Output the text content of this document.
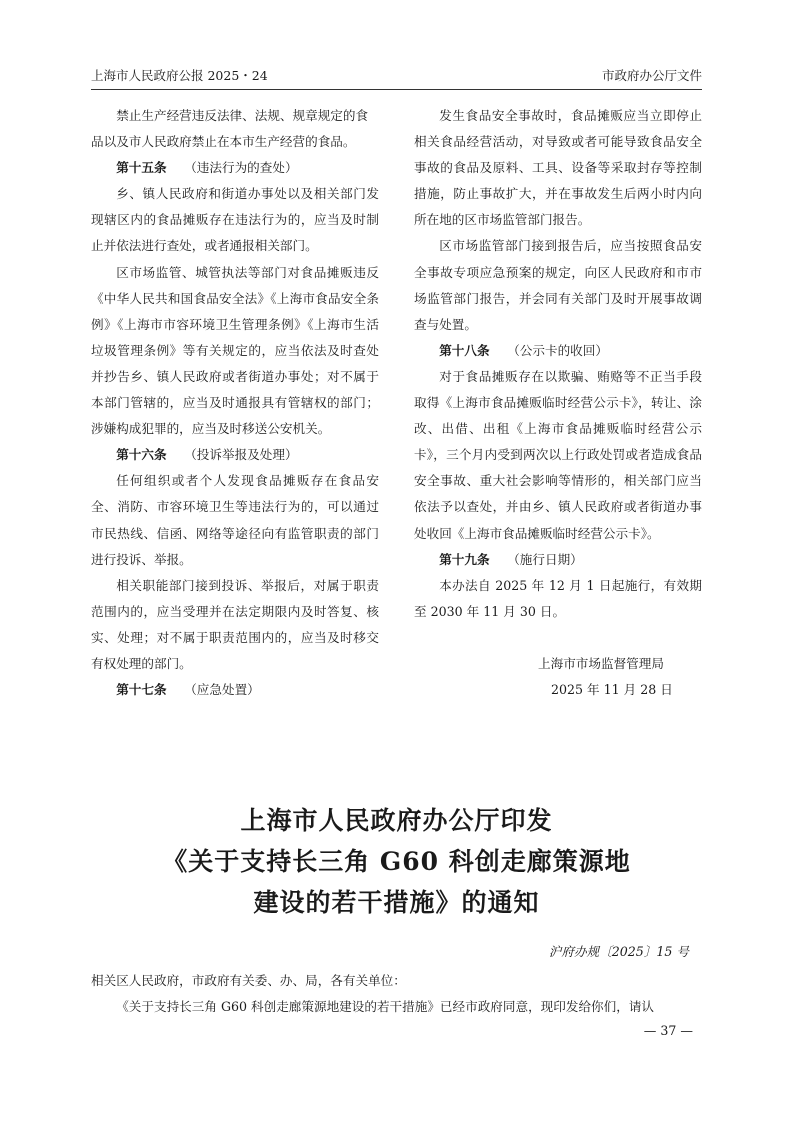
上海市人民政府公报 2025・24	市政府办公厅文件

禁止生产经营违反法律、法规、规章规定的食

品以及市人民政府禁止在本市生产经营的食品。

第十五条 （违法行为的查处）

乡、镇人民政府和街道办事处以及相关部门发现辖区内的食品摊贩存在违法行为的，应当及时制止并依法进行查处，或者通报相关部门。

区市场监管、城管执法等部门对食品摊贩违反《中华人民共和国食品安全法》《上海市食品安全条例》《上海市市容环境卫生管理条例》《上海市生活垃圾管理条例》等有关规定的，应当依法及时查处并抄告乡、镇人民政府或者街道办事处；对不属于本部门管辖的，应当及时通报具有管辖权的部门；涉嫌构成犯罪的，应当及时移送公安机关。

第十六条 （投诉举报及处理）

任何组织或者个人发现食品摊贩存在食品安全、消防、市容环境卫生等违法行为的，可以通过市民热线、信函、网络等途径向有监管职责的部门进行投诉、举报。

相关职能部门接到投诉、举报后，对属于职责范围内的，应当受理并在法定期限内及时答复、核实、处理；对不属于职责范围内的，应当及时移交有权处理的部门。

第十七条 （应急处置）

发生食品安全事故时，食品摊贩应当立即停止相关食品经营活动，对导致或者可能导致食品安全事故的食品及原料、工具、设备等采取封存等控制措施，防止事故扩大，并在事故发生后两小时内向所在地的区市场监管部门报告。

区市场监管部门接到报告后，应当按照食品安全事故专项应急预案的规定，向区人民政府和市市场监管部门报告，并会同有关部门及时开展事故调查与处置。

第十八条 （公示卡的收回）

对于食品摊贩存在以欺骗、贿赂等不正当手段取得《上海市食品摊贩临时经营公示卡》，转让、涂改、出借、出租《上海市食品摊贩临时经营公示卡》，三个月内受到两次以上行政处罚或者造成食品安全事故、重大社会影响等情形的，相关部门应当依法予以查处，并由乡、镇人民政府或者街道办事处收回《上海市食品摊贩临时经营公示卡》。

第十九条 （施行日期）

本办法自 2025 年 12 月 1 日起施行，有效期至 2030 年 11 月 30 日。

上海市市场监督管理局

2025 年 11 月 28 日

上海市人民政府办公厅印发
《关于支持长三角 G60 科创走廊策源地
建设的若干措施》的通知
沪府办规〔2025〕15 号
相关区人民政府，市政府有关委、办、局，各有关单位：
《关于支持长三角 G60 科创走廊策源地建设的若干措施》已经市政府同意，现印发给你们，请认
— 37 —
